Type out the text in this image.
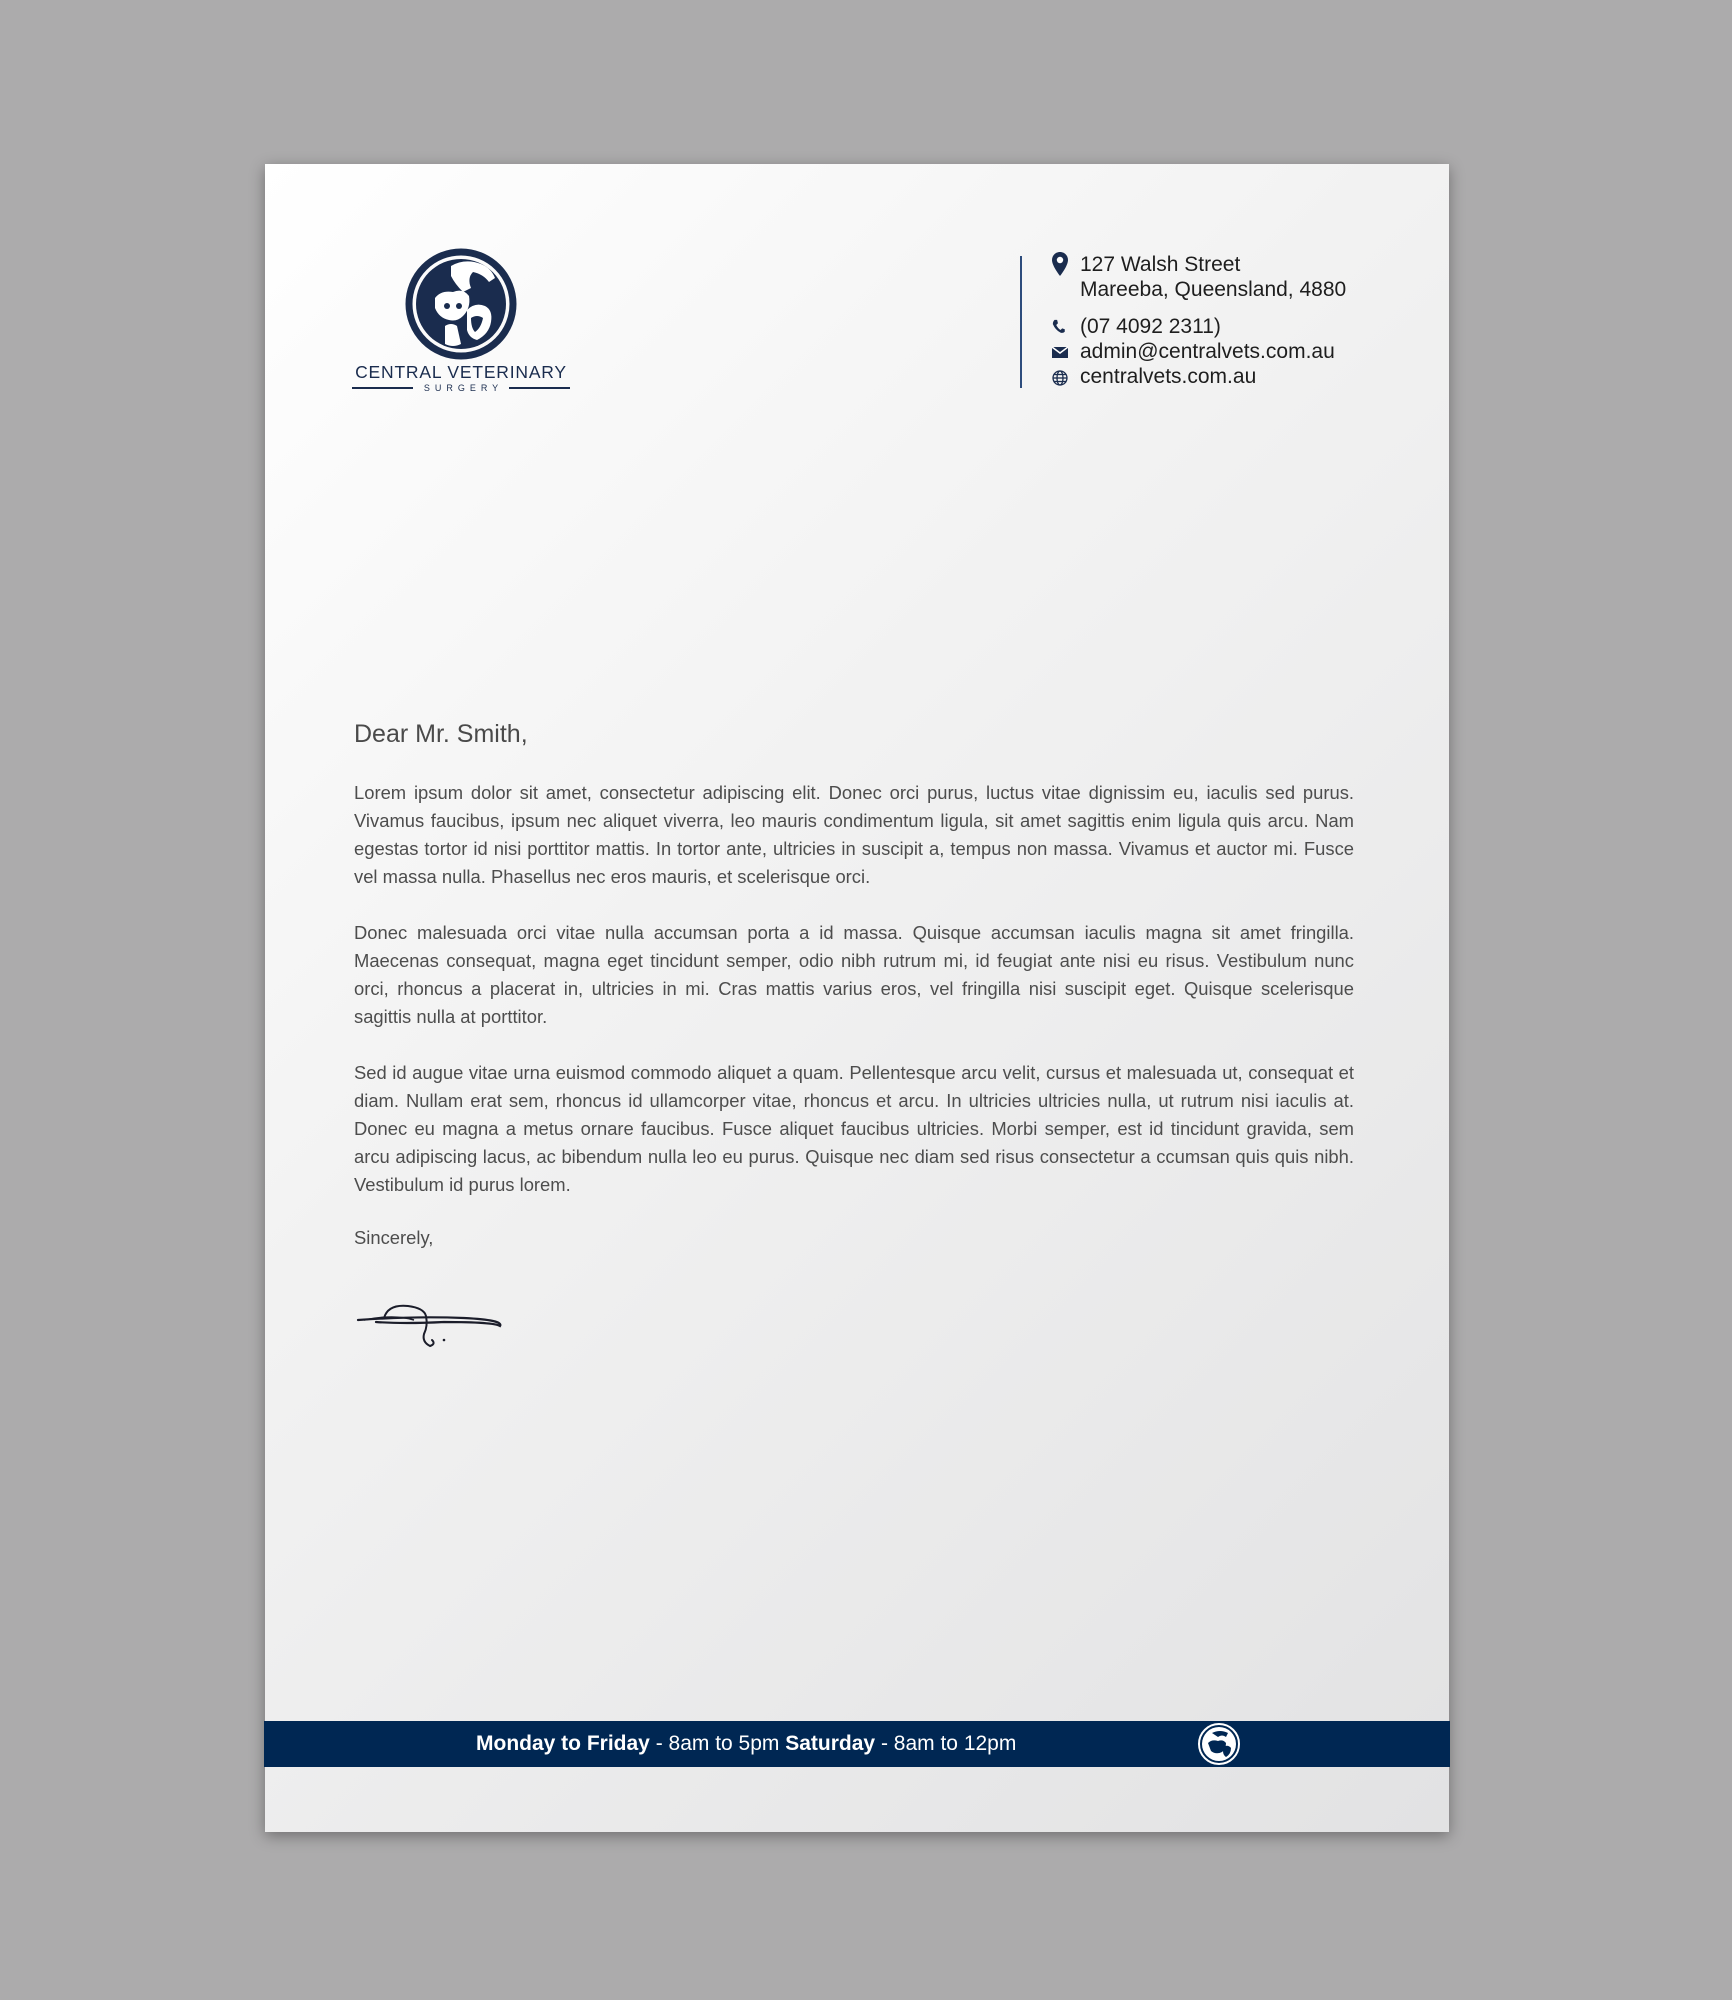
CENTRAL VETERINARY
SURGERY
127 Walsh Street
Mareeba, Queensland, 4880
(07 4092 2311)
admin@centralvets.com.au
centralvets.com.au

Dear Mr. Smith,

Lorem ipsum dolor sit amet, consectetur adipiscing elit. Donec orci purus, luctus vitae dignissim eu, iaculis sed purus. Vivamus faucibus, ipsum nec aliquet viverra, leo mauris condimentum ligula, sit amet sagittis enim ligula quis arcu. Nam egestas tortor id nisi porttitor mattis. In tortor ante, ultricies in suscipit a, tempus non massa. Vivamus et auctor mi. Fusce vel massa nulla. Phasellus nec eros mauris, et scelerisque orci.

Donec malesuada orci vitae nulla accumsan porta a id massa. Quisque accumsan iaculis magna sit amet fringilla. Maecenas consequat, magna eget tincidunt semper, odio nibh rutrum mi, id feugiat ante nisi eu risus. Vestibulum nunc orci, rhoncus a placerat in, ultricies in mi. Cras mattis varius eros, vel fringilla nisi suscipit eget. Quisque scelerisque sagittis nulla at porttitor.

Sed id augue vitae urna euismod commodo aliquet a quam. Pellentesque arcu velit, cursus et malesuada ut, consequat et diam. Nullam erat sem, rhoncus id ullamcorper vitae, rhoncus et arcu. In ultricies ultricies nulla, ut rutrum nisi iaculis at. Donec eu magna a metus ornare faucibus. Fusce aliquet faucibus ultricies. Morbi semper, est id tincidunt gravida, sem arcu adipiscing lacus, ac bibendum nulla leo eu purus. Quisque nec diam sed risus consectetur a ccumsan quis quis nibh. Vestibulum id purus lorem.

Sincerely,

Monday to Friday - 8am to 5pm Saturday - 8am to 12pm
